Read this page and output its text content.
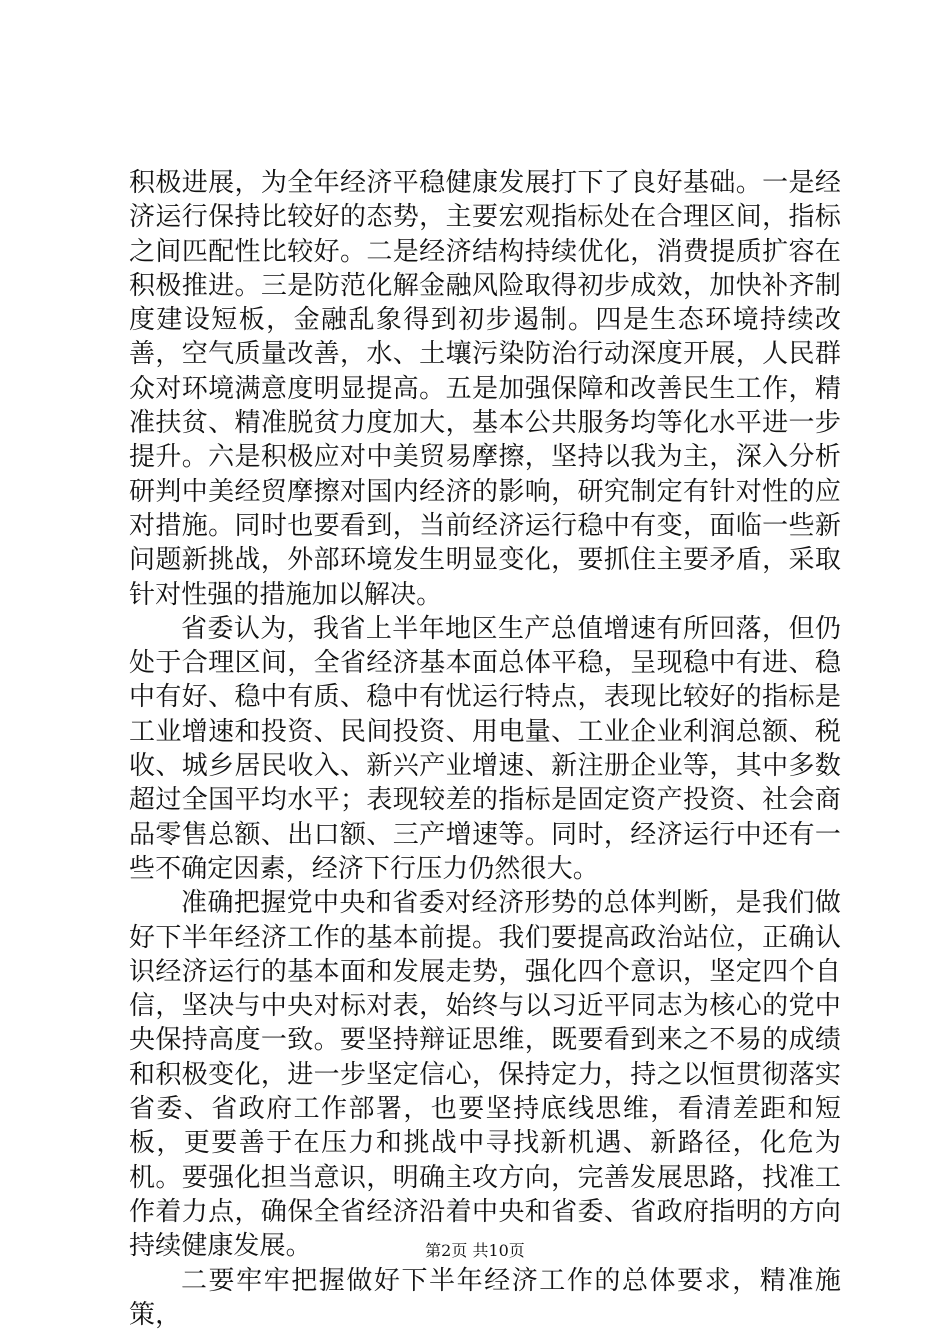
积极进展，为全年经济平稳健康发展打下了良好基础。一是经济运行保持比较好的态势，主要宏观指标处在合理区间，指标之间匹配性比较好。二是经济结构持续优化，消费提质扩容在积极推进。三是防范化解金融风险取得初步成效，加快补齐制度建设短板，金融乱象得到初步遏制。四是生态环境持续改善，空气质量改善，水、土壤污染防治行动深度开展，人民群众对环境满意度明显提高。五是加强保障和改善民生工作，精准扶贫、精准脱贫力度加大，基本公共服务均等化水平进一步提升。六是积极应对中美贸易摩擦，坚持以我为主，深入分析研判中美经贸摩擦对国内经济的影响，研究制定有针对性的应对措施。同时也要看到，当前经济运行稳中有变，面临一些新问题新挑战，外部环境发生明显变化，要抓住主要矛盾，采取针对性强的措施加以解决。

省委认为，我省上半年地区生产总值增速有所回落，但仍处于合理区间，全省经济基本面总体平稳，呈现稳中有进、稳中有好、稳中有质、稳中有忧运行特点，表现比较好的指标是工业增速和投资、民间投资、用电量、工业企业利润总额、税收、城乡居民收入、新兴产业增速、新注册企业等，其中多数超过全国平均水平；表现较差的指标是固定资产投资、社会商品零售总额、出口额、三产增速等。同时，经济运行中还有一些不确定因素，经济下行压力仍然很大。

准确把握党中央和省委对经济形势的总体判断，是我们做好下半年经济工作的基本前提。我们要提高政治站位，正确认识经济运行的基本面和发展走势，强化四个意识，坚定四个自信，坚决与中央对标对表，始终与以习近平同志为核心的党中央保持高度一致。要坚持辩证思维，既要看到来之不易的成绩和积极变化，进一步坚定信心，保持定力，持之以恒贯彻落实省委、省政府工作部署，也要坚持底线思维，看清差距和短板，更要善于在压力和挑战中寻找新机遇、新路径，化危为机。要强化担当意识，明确主攻方向，完善发展思路，找准工作着力点，确保全省经济沿着中央和省委、省政府指明的方向持续健康发展。

二要牢牢把握做好下半年经济工作的总体要求，精准施策，

第2页 共10页
